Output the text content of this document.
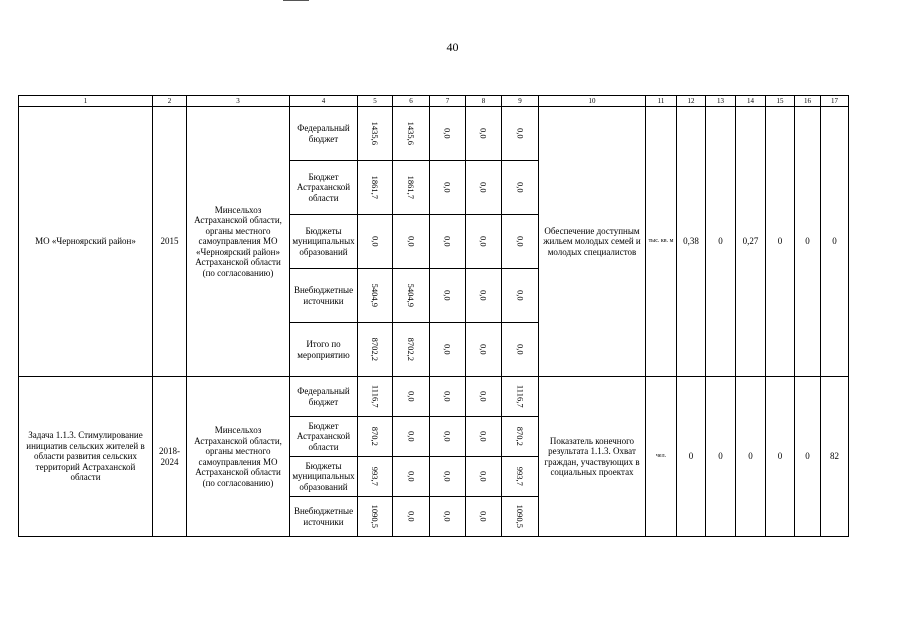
40
1	2	3	4	5	6	7	8	9	10	11	12	13	14	15	16	17
МО «Черноярский район»	2015	Минсельхоз Астраханской области, органы местного самоуправления МО «Черноярский район» Астраханской области (по согласованию)	Федеральный бюджет	1435,6	1435,6	0,0	0,0	0,0	Обеспечение доступным жильем молодых семей и молодых специалистов	тыс. кв. м	0,38	0	0,27	0	0	0
			Бюджет Астраханской области	1861,7	1861,7	0,0	0,0	0,0								
			Бюджеты муниципальных образований	0,0	0,0	0,0	0,0	0,0								
			Внебюджетные источники	5404,9	5404,9	0,0	0,0	0,0								
			Итого по мероприятию	8702,2	8702,2	0,0	0,0	0,0								
Задача 1.1.3. Стимулирование инициатив сельских жителей в области развития сельских территорий Астраханской области	2018-2024	Минсельхоз Астраханской области, органы местного самоуправления МО Астраханской области (по согласованию)	Федеральный бюджет	1116,7	0,0	0,0	0,0	1116,7	Показатель конечного результата 1.1.3. Охват граждан, участвующих в социальных проектах	чел.	0	0	0	0	0	82
			Бюджет Астраханской области	870,2	0,0	0,0	0,0	870,2								
			Бюджеты муниципальных образований	993,7	0,0	0,0	0,0	993,7								
			Внебюджетные источники	1090,5	0,0	0,0	0,0	1090,5								
